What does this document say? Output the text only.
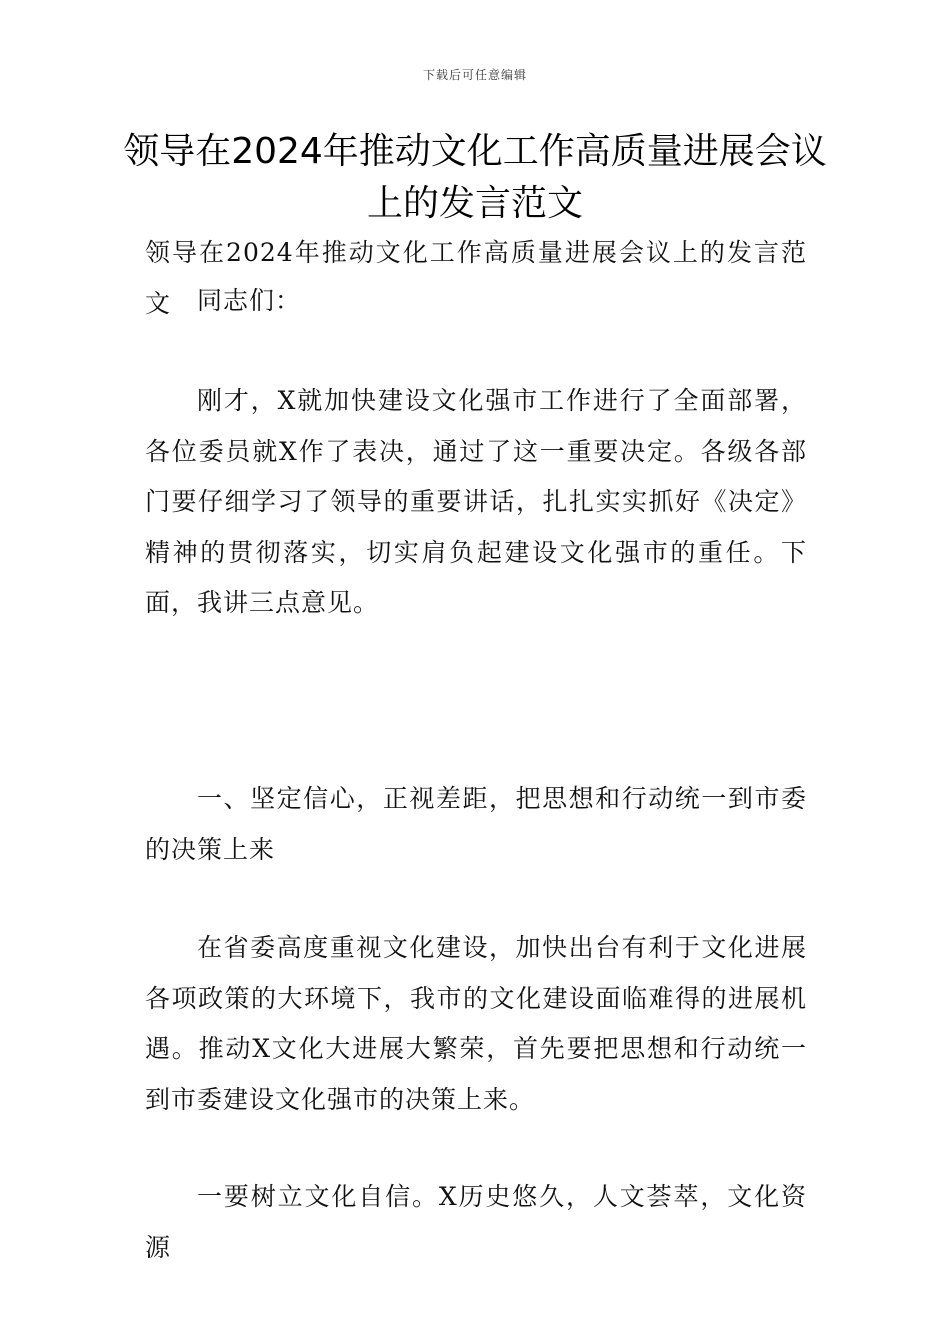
下载后可任意编辑
领导在2024年推动文化工作高质量进展会议上的发言范文

领导在2024年推动文化工作高质量进展会议上的发言范文	同志们：

刚才，X就加快建设文化强市工作进行了全面部署，各位委员就X作了表决，通过了这一重要决定。各级各部门要仔细学习了领导的重要讲话，扎扎实实抓好《决定》精神的贯彻落实，切实肩负起建设文化强市的重任。下面，我讲三点意见。

一、坚定信心，正视差距，把思想和行动统一到市委的决策上来

在省委高度重视文化建设，加快出台有利于文化进展各项政策的大环境下，我市的文化建设面临难得的进展机遇。推动X文化大进展大繁荣，首先要把思想和行动统一到市委建设文化强市的决策上来。

一要树立文化自信。X历史悠久，人文荟萃，文化资源
